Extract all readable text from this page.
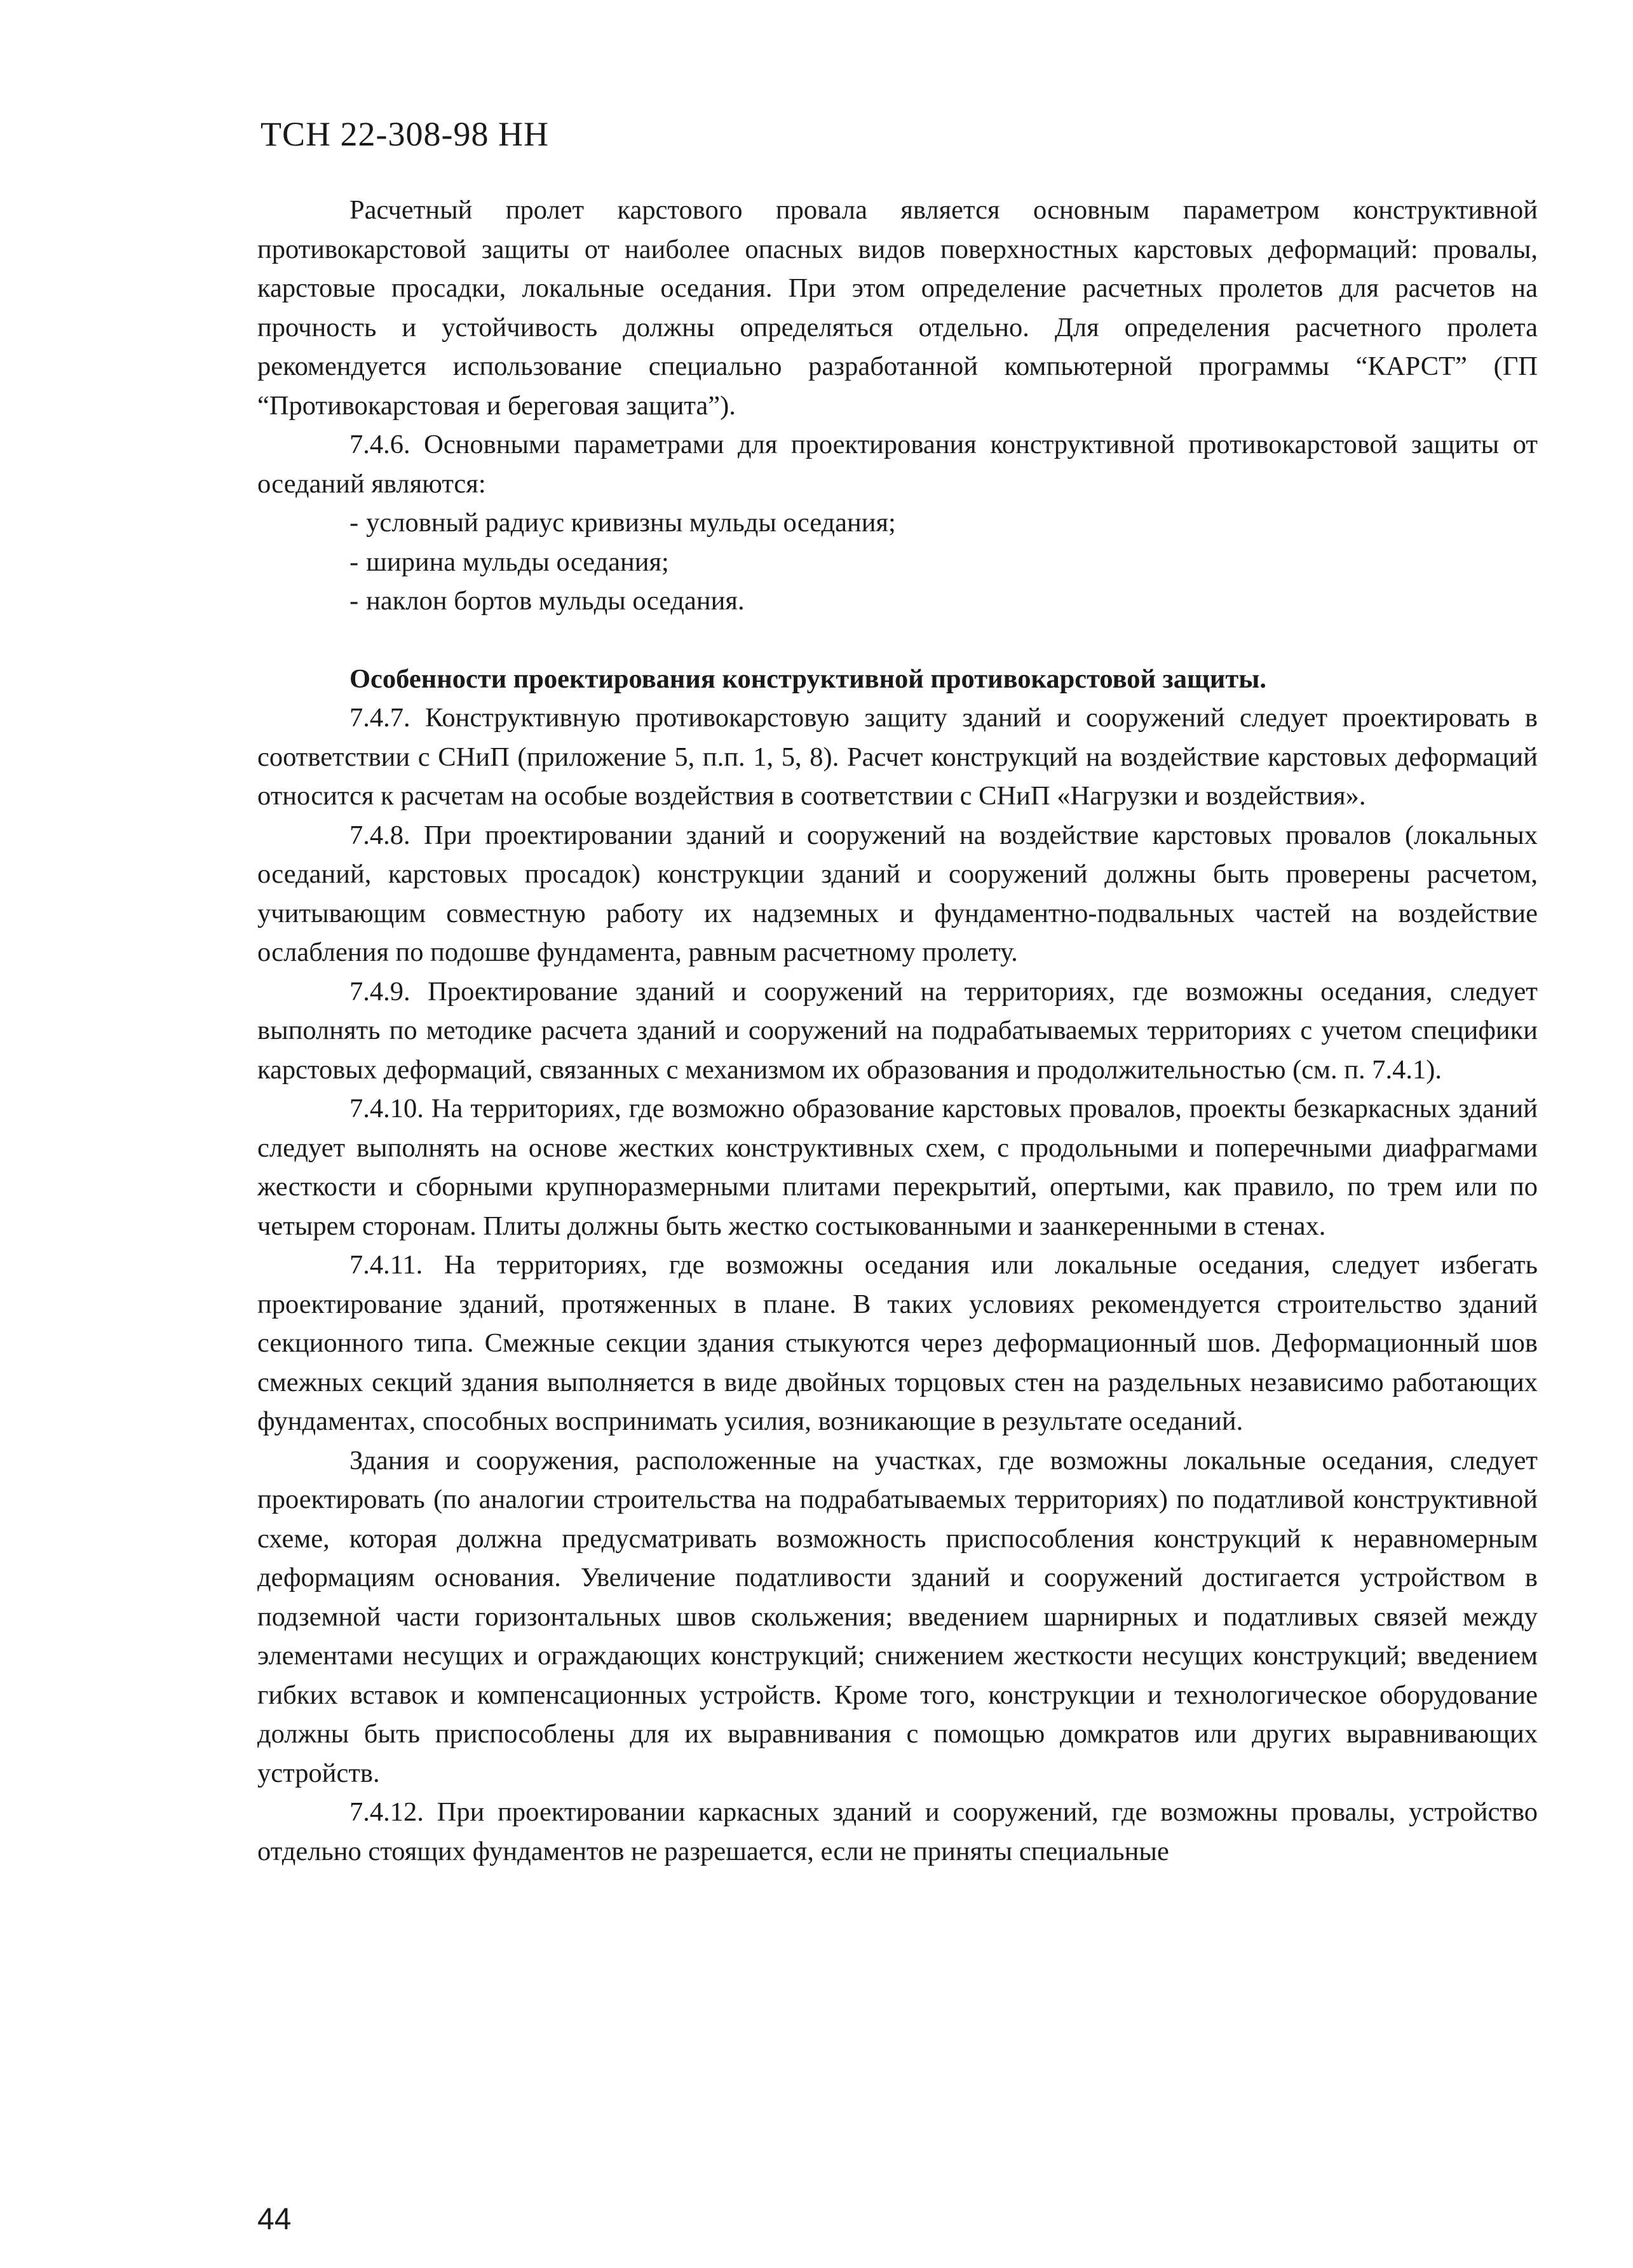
ТСН 22-308-98 НН

Расчетный пролет карстового провала является основным параметром конструктивной противокарстовой защиты от наиболее опасных видов поверхностных карстовых деформаций: провалы, карстовые просадки, локальные оседания. При этом определение расчетных пролетов для расчетов на прочность и устойчивость должны определяться отдельно. Для определения расчетного пролета рекомендуется использование специально разработанной компьютерной программы “КАРСТ” (ГП “Противокарстовая и береговая защита”).

7.4.6. Основными параметрами для проектирования конструктивной противокарстовой защиты от оседаний являются:

- условный радиус кривизны мульды оседания;
- ширина мульды оседания;
- наклон бортов мульды оседания.
Особенности проектирования конструктивной противокарстовой защиты.

7.4.7. Конструктивную противокарстовую защиту зданий и сооружений следует проектировать в соответствии с СНиП (приложение 5, п.п. 1, 5, 8). Расчет конструкций на воздействие карстовых деформаций относится к расчетам на особые воздействия в соответствии с СНиП «Нагрузки и воздействия».

7.4.8. При проектировании зданий и сооружений на воздействие карстовых провалов (локальных оседаний, карстовых просадок) конструкции зданий и сооружений должны быть проверены расчетом, учитывающим совместную работу их надземных и фундаментно-подвальных частей на воздействие ослабления по подошве фундамента, равным расчетному пролету.

7.4.9. Проектирование зданий и сооружений на территориях, где возможны оседания, следует выполнять по методике расчета зданий и сооружений на подрабатываемых территориях с учетом специфики карстовых деформаций, связанных с механизмом их образования и продолжительностью (см. п. 7.4.1).

7.4.10. На территориях, где возможно образование карстовых провалов, проекты безкаркасных зданий следует выполнять на основе жестких конструктивных схем, с продольными и поперечными диафрагмами жесткости и сборными крупноразмерными плитами перекрытий, опертыми, как правило, по трем или по четырем сторонам. Плиты должны быть жестко состыкованными и заанкеренными в стенах.

7.4.11. На территориях, где возможны оседания или локальные оседания, следует избегать проектирование зданий, протяженных в плане. В таких условиях рекомендуется строительство зданий секционного типа. Смежные секции здания стыкуются через деформационный шов. Деформационный шов смежных секций здания выполняется в виде двойных торцовых стен на раздельных независимо работающих фундаментах, способных воспринимать усилия, возникающие в результате оседаний.

Здания и сооружения, расположенные на участках, где возможны локальные оседания, следует проектировать (по аналогии строительства на подрабатываемых территориях) по податливой конструктивной схеме, которая должна предусматривать возможность приспособления конструкций к неравномерным деформациям основания. Увеличение податливости зданий и сооружений достигается устройством в подземной части горизонтальных швов скольжения; введением шарнирных и податливых связей между элементами несущих и ограждающих конструкций; снижением жесткости несущих конструкций; введением гибких вставок и компенсационных устройств. Кроме того, конструкции и технологическое оборудование должны быть приспособлены для их выравнивания с помощью домкратов или других выравнивающих устройств.

7.4.12. При проектировании каркасных зданий и сооружений, где возможны провалы, устройство отдельно стоящих фундаментов не разрешается, если не приняты специальные

44
